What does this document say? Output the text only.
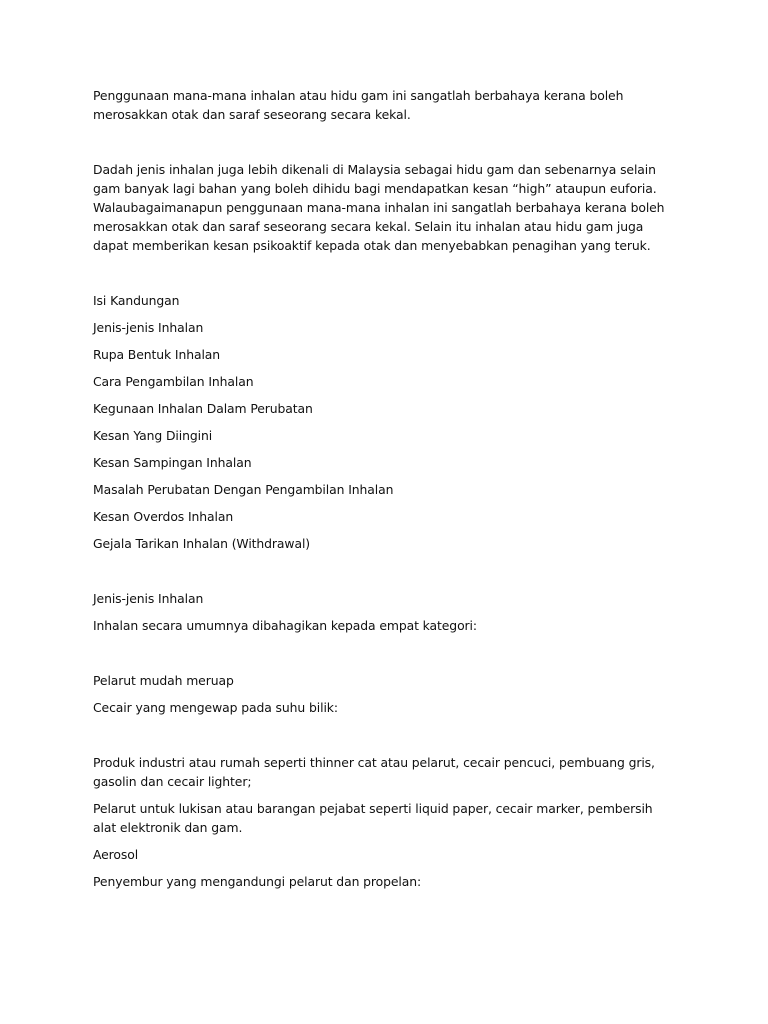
Penggunaan mana-mana inhalan atau hidu gam ini sangatlah berbahaya kerana boleh merosakkan otak dan saraf seseorang secara kekal.

Dadah jenis inhalan juga lebih dikenali di Malaysia sebagai hidu gam dan sebenarnya selain gam banyak lagi bahan yang boleh dihidu bagi mendapatkan kesan “high” ataupun euforia. Walaubagaimanapun penggunaan mana-mana inhalan ini sangatlah berbahaya kerana boleh merosakkan otak dan saraf seseorang secara kekal. Selain itu inhalan atau hidu gam juga dapat memberikan kesan psikoaktif kepada otak dan menyebabkan penagihan yang teruk.

Isi Kandungan

Jenis-jenis Inhalan

Rupa Bentuk Inhalan

Cara Pengambilan Inhalan

Kegunaan Inhalan Dalam Perubatan

Kesan Yang Diingini

Kesan Sampingan Inhalan

Masalah Perubatan Dengan Pengambilan Inhalan

Kesan Overdos Inhalan

Gejala Tarikan Inhalan (Withdrawal)

Jenis-jenis Inhalan

Inhalan secara umumnya dibahagikan kepada empat kategori:

Pelarut mudah meruap

Cecair yang mengewap pada suhu bilik:

Produk industri atau rumah seperti thinner cat atau pelarut, cecair pencuci, pembuang gris, gasolin dan cecair lighter;

Pelarut untuk lukisan atau barangan pejabat seperti liquid paper, cecair marker, pembersih alat elektronik dan gam.

Aerosol

Penyembur yang mengandungi pelarut dan propelan:
